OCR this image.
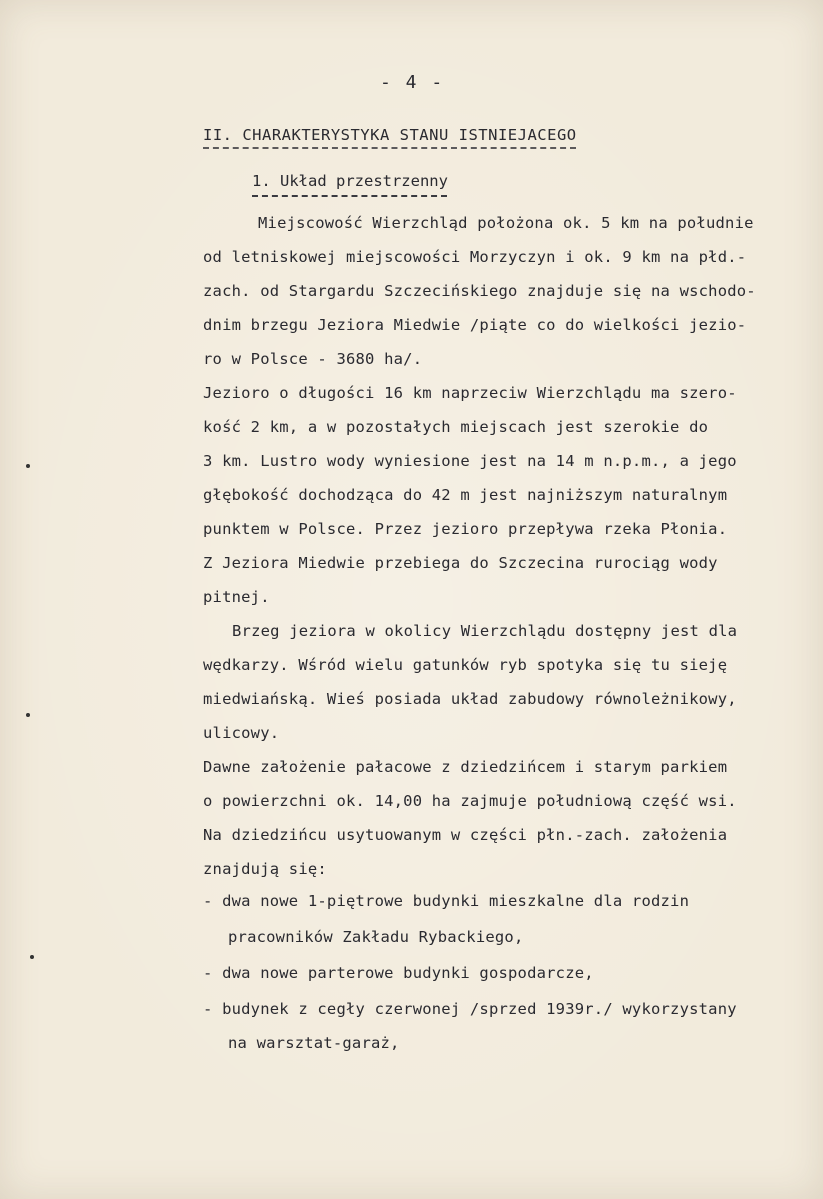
- 4 -
II. CHARAKTERYSTYKA STANU ISTNIEJACEGO
1. Układ przestrzenny
Miejscowość Wierzchląd położona ok. 5 km na południe
od letniskowej miejscowości Morzyczyn i ok. 9 km na płd.-
zach. od Stargardu Szczecińskiego znajduje się na wschodo-
dnim brzegu Jeziora Miedwie /piąte co do wielkości jezio-
ro w Polsce - 3680 ha/.
Jezioro o długości 16 km naprzeciw Wierzchlądu ma szero-
kość 2 km, a w pozostałych miejscach jest szerokie do
3 km. Lustro wody wyniesione jest na 14 m n.p.m., a jego
głębokość dochodząca do 42 m jest najniższym naturalnym
punktem w Polsce. Przez jezioro przepływa rzeka Płonia.
Z Jeziora Miedwie przebiega do Szczecina rurociąg wody
pitnej.
Brzeg jeziora w okolicy Wierzchlądu dostępny jest dla
wędkarzy. Wśród wielu gatunków ryb spotyka się tu sieję
miedwiańską. Wieś posiada układ zabudowy równoleżnikowy,
ulicowy.
Dawne założenie pałacowe z dziedzińcem i starym parkiem
o powierzchni ok. 14,00 ha zajmuje południową część wsi.
Na dziedzińcu usytuowanym w części płn.-zach. założenia
znajdują się:
- dwa nowe 1-piętrowe budynki mieszkalne dla rodzin
pracowników Zakładu Rybackiego,
- dwa nowe parterowe budynki gospodarcze,
- budynek z cegły czerwonej /sprzed 1939r./ wykorzystany
na warsztat-garaż,
